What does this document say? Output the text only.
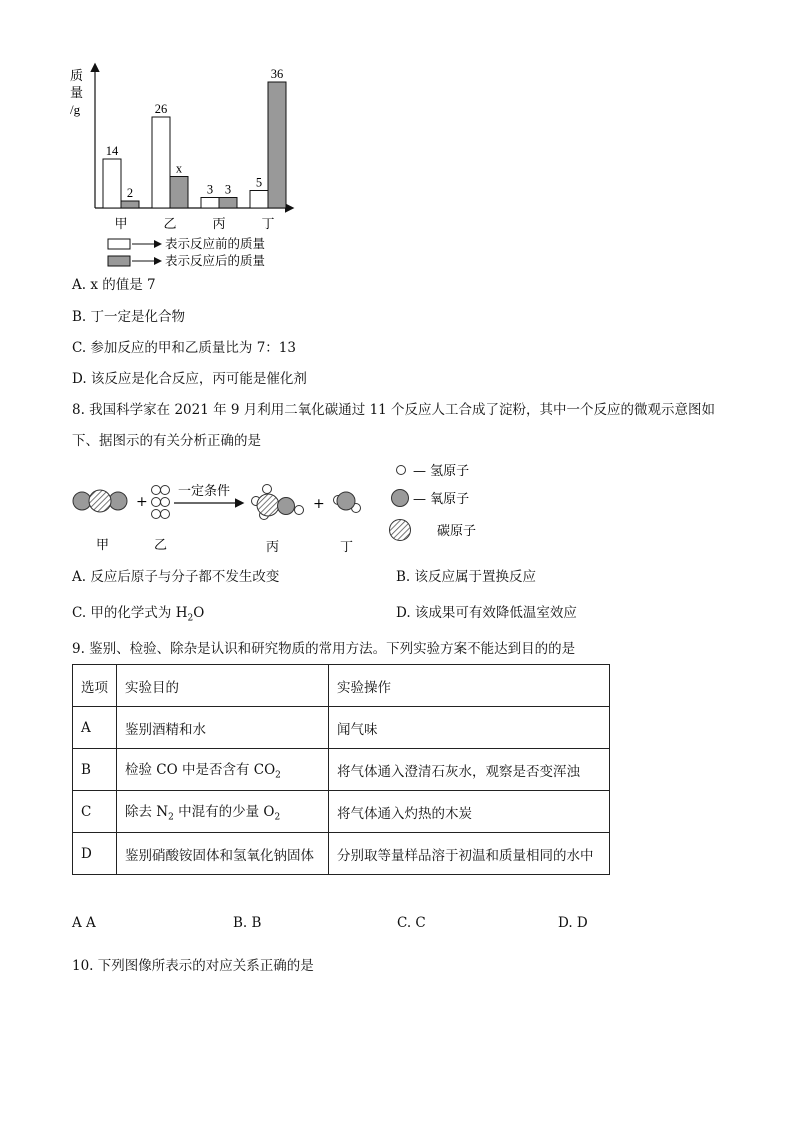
质
量
/g
14
2
26
x
3 3 5
36
甲	乙	丙	丁
表示反应前的质量
表示反应后的质量
A. x 的值是 7
B. 丁一定是化合物
C. 参加反应的甲和乙质量比为 7：13
D. 该反应是化合反应，丙可能是催化剂
8. 我国科学家在 2021 年 9 月利用二氧化碳通过 11 个反应人工合成了淀粉，其中一个反应的微观示意图如
下、据图示的有关分析正确的是
+
一定条件
+
甲	乙	丙	丁
— 氢原子
— 氧原子
碳原子
A. 反应后原子与分子都不发生改变	B. 该反应属于置换反应
C. 甲的化学式为 $H_2O$	D. 该成果可有效降低温室效应
9. 鉴别、检验、除杂是认识和研究物质的常用方法。下列实验方案不能达到目的的是
选项	实验目的	实验操作
A	鉴别酒精和水	闻气味
B	检验 CO 中是否含有 $CO_2$	将气体通入澄清石灰水，观察是否变浑浊
C	除去 $N_2$ 中混有的少量 $O_2$	将气体通入灼热的木炭
D	鉴别硝酸铵固体和氢氧化钠固体	分别取等量样品溶于初温和质量相同的水中
A A	B. B	C. C	D. D
10. 下列图像所表示的对应关系正确的是
